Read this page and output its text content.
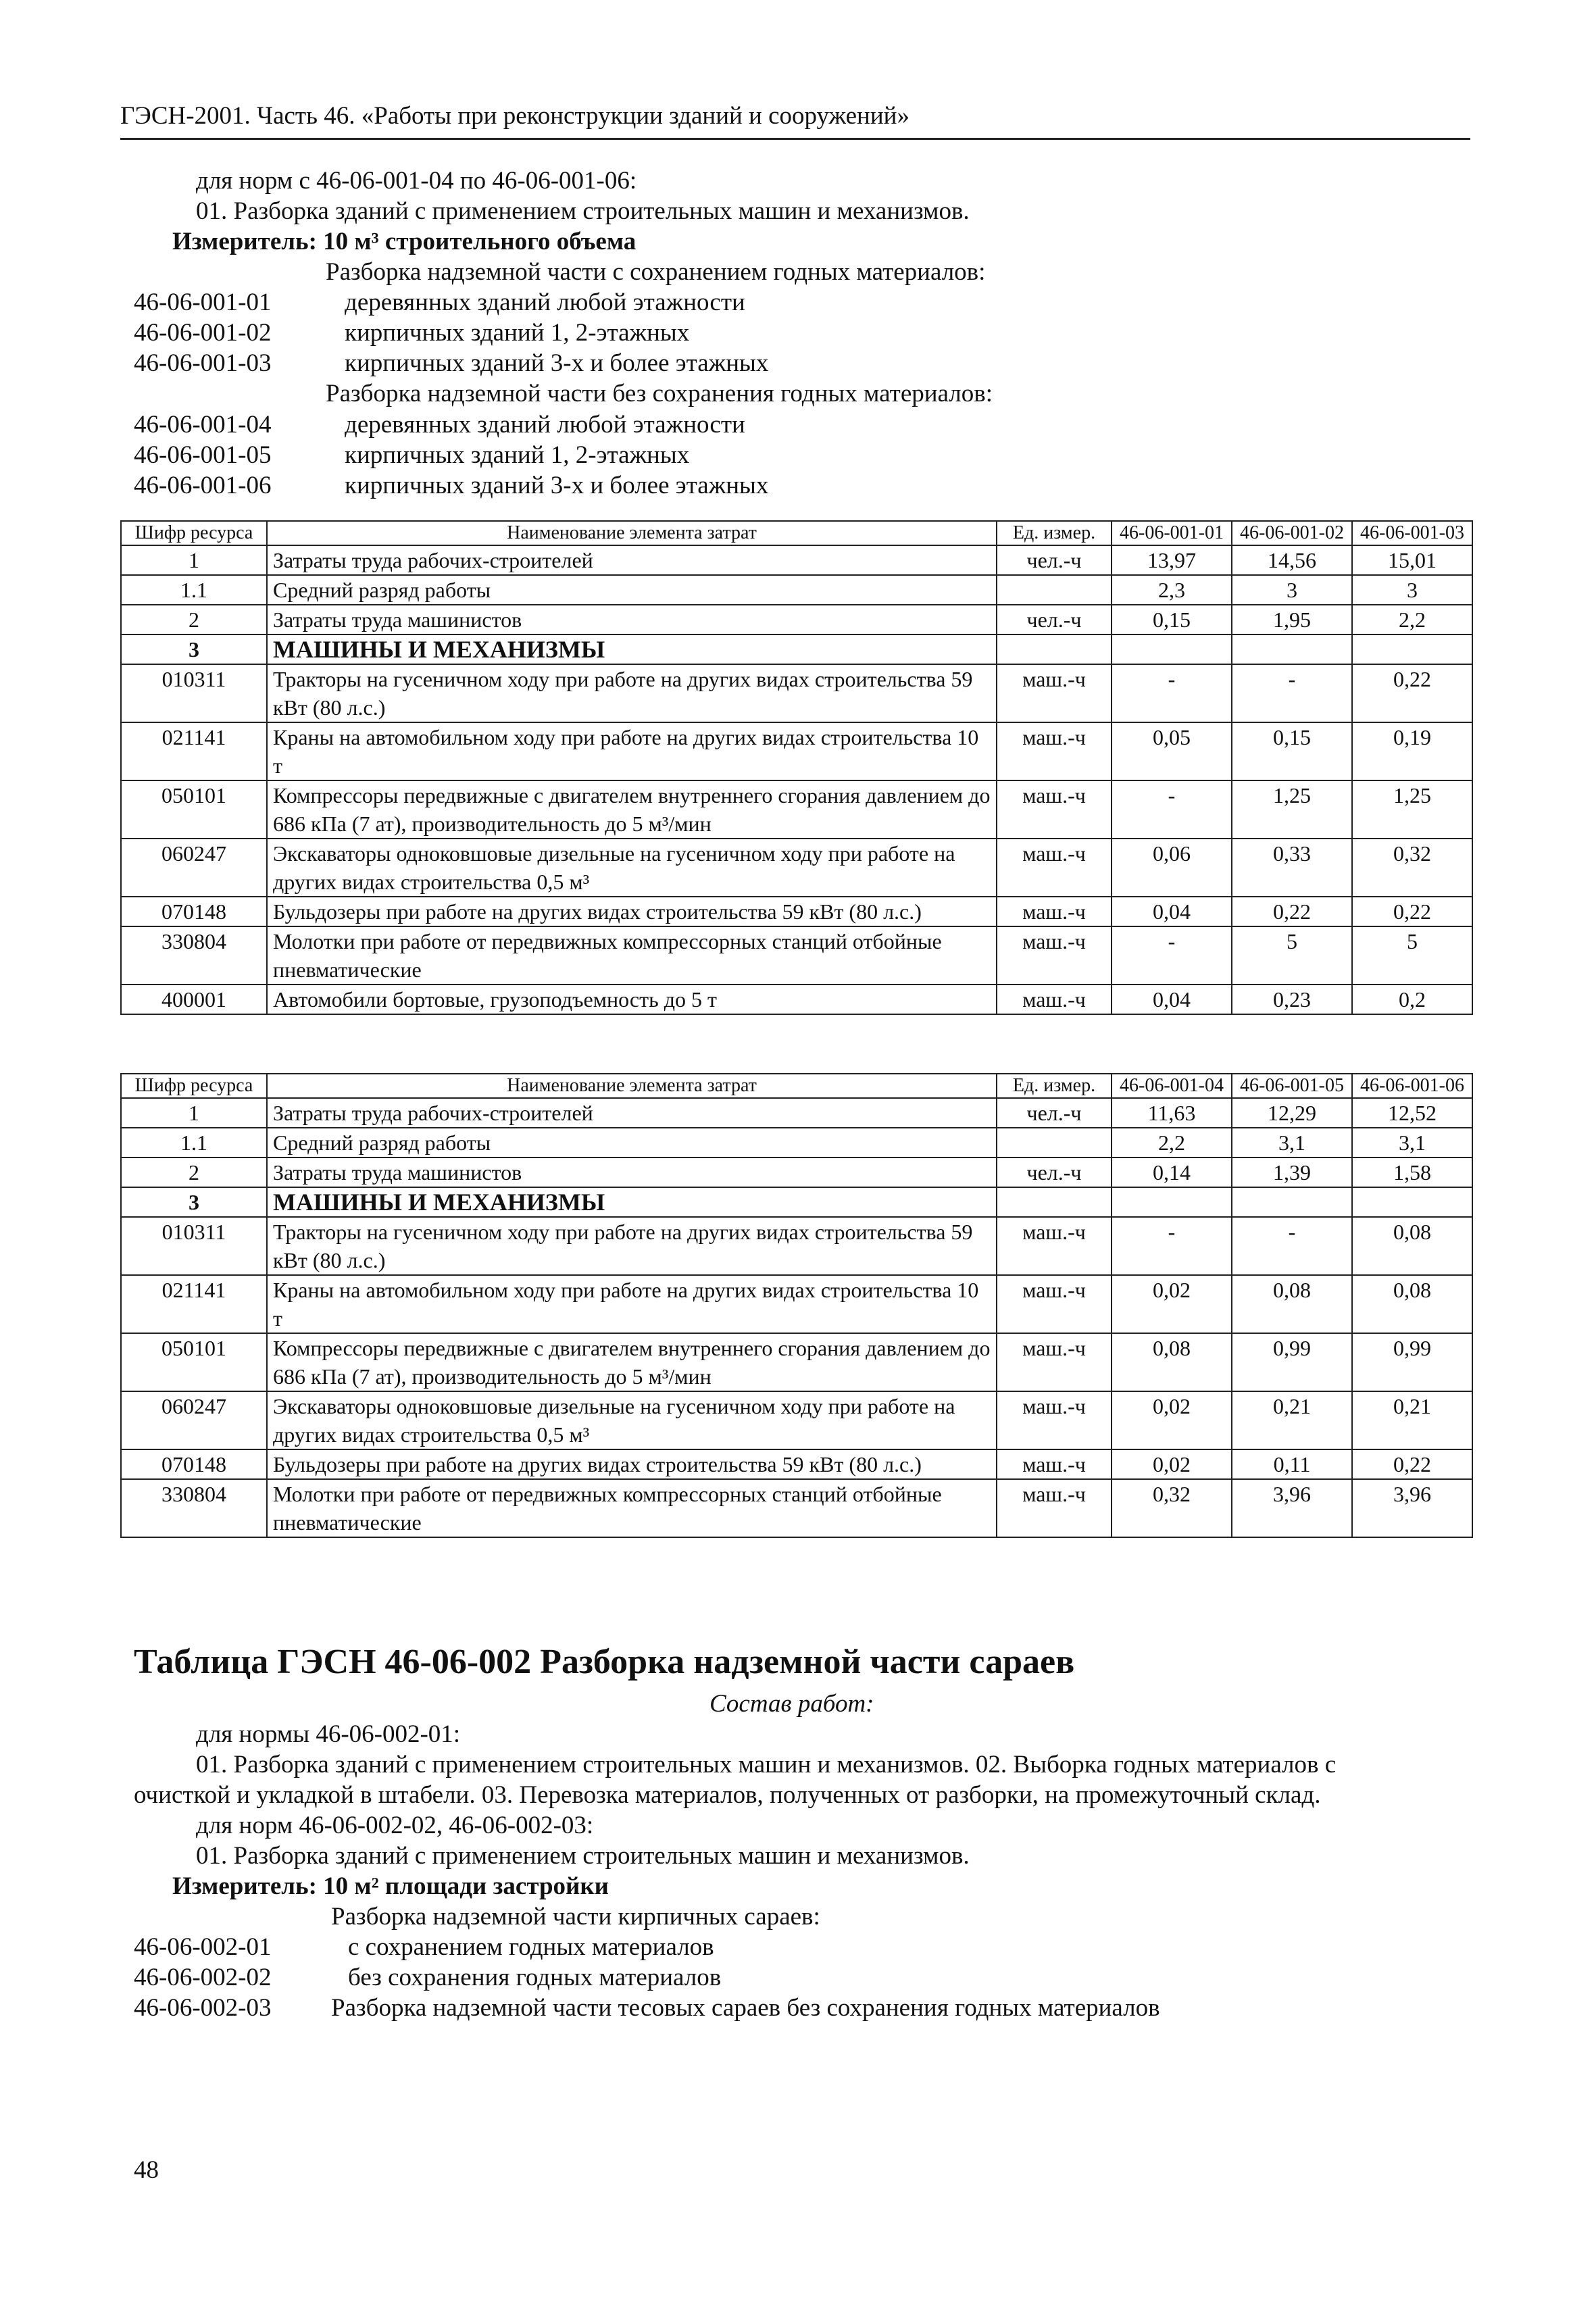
ГЭСН-2001. Часть 46. «Работы при реконструкции зданий и сооружений»
для норм с 46-06-001-04 по 46-06-001-06:
01. Разборка зданий с применением строительных машин и механизмов.
Измеритель: 10 м³ строительного объема
Разборка надземной части с сохранением годных материалов:
46-06-001-01	деревянных зданий любой этажности
46-06-001-02	кирпичных зданий 1, 2-этажных
46-06-001-03	кирпичных зданий 3-х и более этажных
Разборка надземной части без сохранения годных материалов:
46-06-001-04	деревянных зданий любой этажности
46-06-001-05	кирпичных зданий 1, 2-этажных
46-06-001-06	кирпичных зданий 3-х и более этажных
Шифр ресурса	Наименование элемента затрат	Ед. измер.	46-06-001-01	46-06-001-02	46-06-001-03
1	Затраты труда рабочих-строителей	чел.-ч	13,97	14,56	15,01
1.1	Средний разряд работы		2,3	3	3
2	Затраты труда машинистов	чел.-ч	0,15	1,95	2,2
3	МАШИНЫ И МЕХАНИЗМЫ				
010311	Тракторы на гусеничном ходу при работе на других видах строительства 59 кВт (80 л.с.)	маш.-ч	-	-	0,22
021141	Краны на автомобильном ходу при работе на других видах строительства 10 т	маш.-ч	0,05	0,15	0,19
050101	Компрессоры передвижные с двигателем внутреннего сгорания давлением до 686 кПа (7 ат), производительность до 5 м³/мин	маш.-ч	-	1,25	1,25
060247	Экскаваторы одноковшовые дизельные на гусеничном ходу при работе на других видах строительства 0,5 м³	маш.-ч	0,06	0,33	0,32
070148	Бульдозеры при работе на других видах строительства 59 кВт (80 л.с.)	маш.-ч	0,04	0,22	0,22
330804	Молотки при работе от передвижных компрессорных станций отбойные пневматические	маш.-ч	-	5	5
400001	Автомобили бортовые, грузоподъемность до 5 т	маш.-ч	0,04	0,23	0,2
Шифр ресурса	Наименование элемента затрат	Ед. измер.	46-06-001-04	46-06-001-05	46-06-001-06
1	Затраты труда рабочих-строителей	чел.-ч	11,63	12,29	12,52
1.1	Средний разряд работы		2,2	3,1	3,1
2	Затраты труда машинистов	чел.-ч	0,14	1,39	1,58
3	МАШИНЫ И МЕХАНИЗМЫ				
010311	Тракторы на гусеничном ходу при работе на других видах строительства 59 кВт (80 л.с.)	маш.-ч	-	-	0,08
021141	Краны на автомобильном ходу при работе на других видах строительства 10 т	маш.-ч	0,02	0,08	0,08
050101	Компрессоры передвижные с двигателем внутреннего сгорания давлением до 686 кПа (7 ат), производительность до 5 м³/мин	маш.-ч	0,08	0,99	0,99
060247	Экскаваторы одноковшовые дизельные на гусеничном ходу при работе на других видах строительства 0,5 м³	маш.-ч	0,02	0,21	0,21
070148	Бульдозеры при работе на других видах строительства 59 кВт (80 л.с.)	маш.-ч	0,02	0,11	0,22
330804	Молотки при работе от передвижных компрессорных станций отбойные пневматические	маш.-ч	0,32	3,96	3,96
Таблица ГЭСН 46-06-002 Разборка надземной части сараев
Состав работ:
для нормы 46-06-002-01:
01. Разборка зданий с применением строительных машин и механизмов. 02. Выборка годных материалов с
очисткой и укладкой в штабели. 03. Перевозка материалов, полученных от разборки, на промежуточный склад.
для норм 46-06-002-02, 46-06-002-03:
01. Разборка зданий с применением строительных машин и механизмов.
Измеритель: 10 м² площади застройки
Разборка надземной части кирпичных сараев:
46-06-002-01	с сохранением годных материалов
46-06-002-02	без сохранения годных материалов
46-06-002-03 Разборка надземной части тесовых сараев без сохранения годных материалов
48
